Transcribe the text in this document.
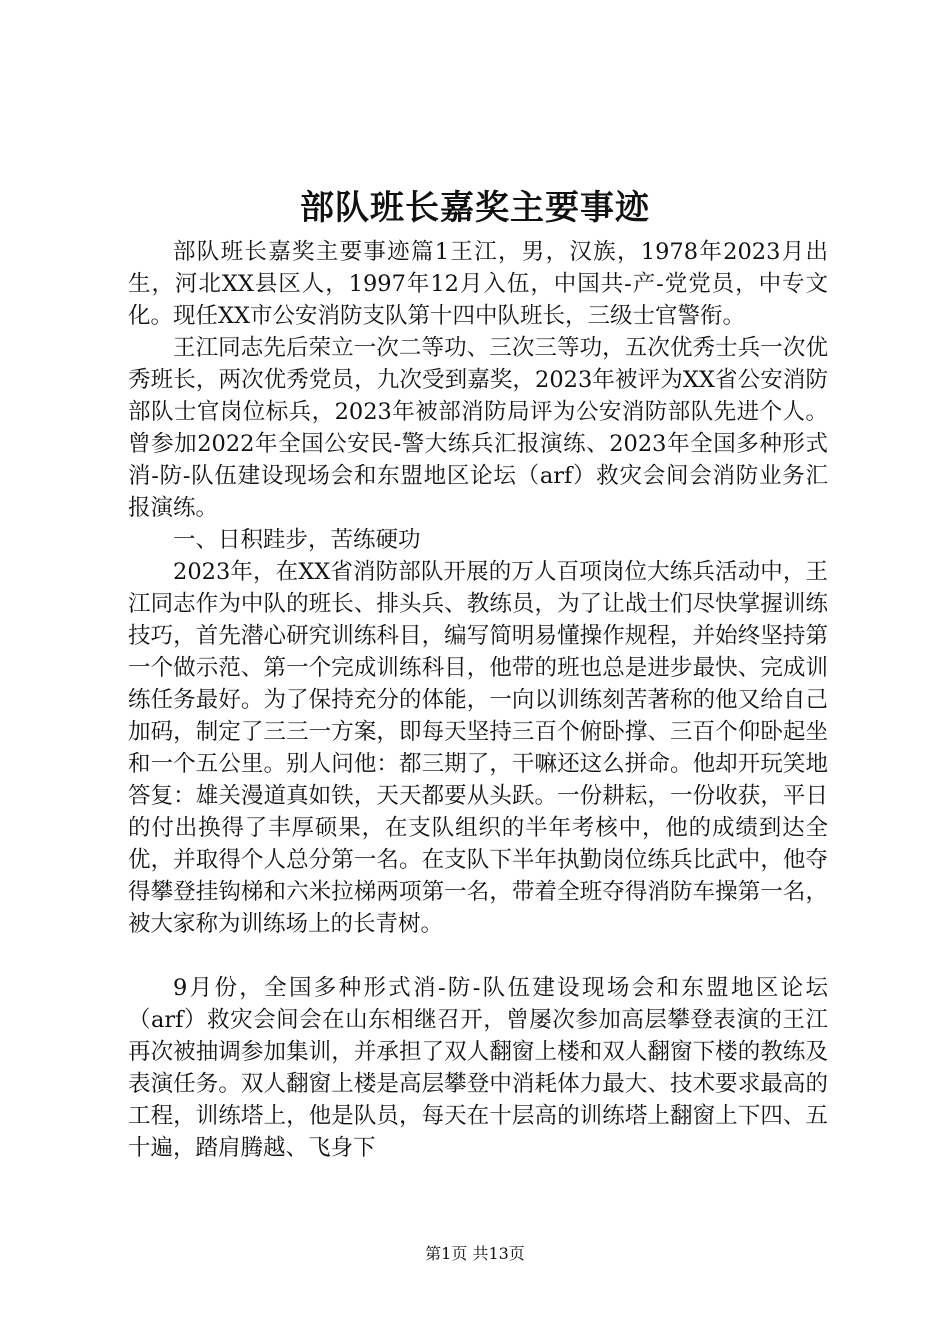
部队班长嘉奖主要事迹

部队班长嘉奖主要事迹篇1王江，男，汉族，1978年2023月出生，河北XX县区人，1997年12月入伍，中国共-产-党党员，中专文化。现任XX市公安消防支队第十四中队班长，三级士官警衔。

王江同志先后荣立一次二等功、三次三等功，五次优秀士兵一次优秀班长，两次优秀党员，九次受到嘉奖，2023年被评为XX省公安消防部队士官岗位标兵，2023年被部消防局评为公安消防部队先进个人。曾参加2022年全国公安民-警大练兵汇报演练、2023年全国多种形式消-防-队伍建设现场会和东盟地区论坛（arf）救灾会间会消防业务汇报演练。

一、日积跬步，苦练硬功

2023年，在XX省消防部队开展的万人百项岗位大练兵活动中，王江同志作为中队的班长、排头兵、教练员，为了让战士们尽快掌握训练技巧，首先潜心研究训练科目，编写简明易懂操作规程，并始终坚持第一个做示范、第一个完成训练科目，他带的班也总是进步最快、完成训练任务最好。为了保持充分的体能，一向以训练刻苦著称的他又给自己加码，制定了三三一方案，即每天坚持三百个俯卧撑、三百个仰卧起坐和一个五公里。别人问他：都三期了，干嘛还这么拼命。他却开玩笑地答复：雄关漫道真如铁，天天都要从头跃。一份耕耘，一份收获，平日的付出换得了丰厚硕果，在支队组织的半年考核中，他的成绩到达全优，并取得个人总分第一名。在支队下半年执勤岗位练兵比武中，他夺得攀登挂钩梯和六米拉梯两项第一名，带着全班夺得消防车操第一名，被大家称为训练场上的长青树。

9月份，全国多种形式消-防-队伍建设现场会和东盟地区论坛（arf）救灾会间会在山东相继召开，曾屡次参加高层攀登表演的王江再次被抽调参加集训，并承担了双人翻窗上楼和双人翻窗下楼的教练及表演任务。双人翻窗上楼是高层攀登中消耗体力最大、技术要求最高的工程，训练塔上，他是队员，每天在十层高的训练塔上翻窗上下四、五十遍，踏肩腾越、飞身下

第1页 共13页
